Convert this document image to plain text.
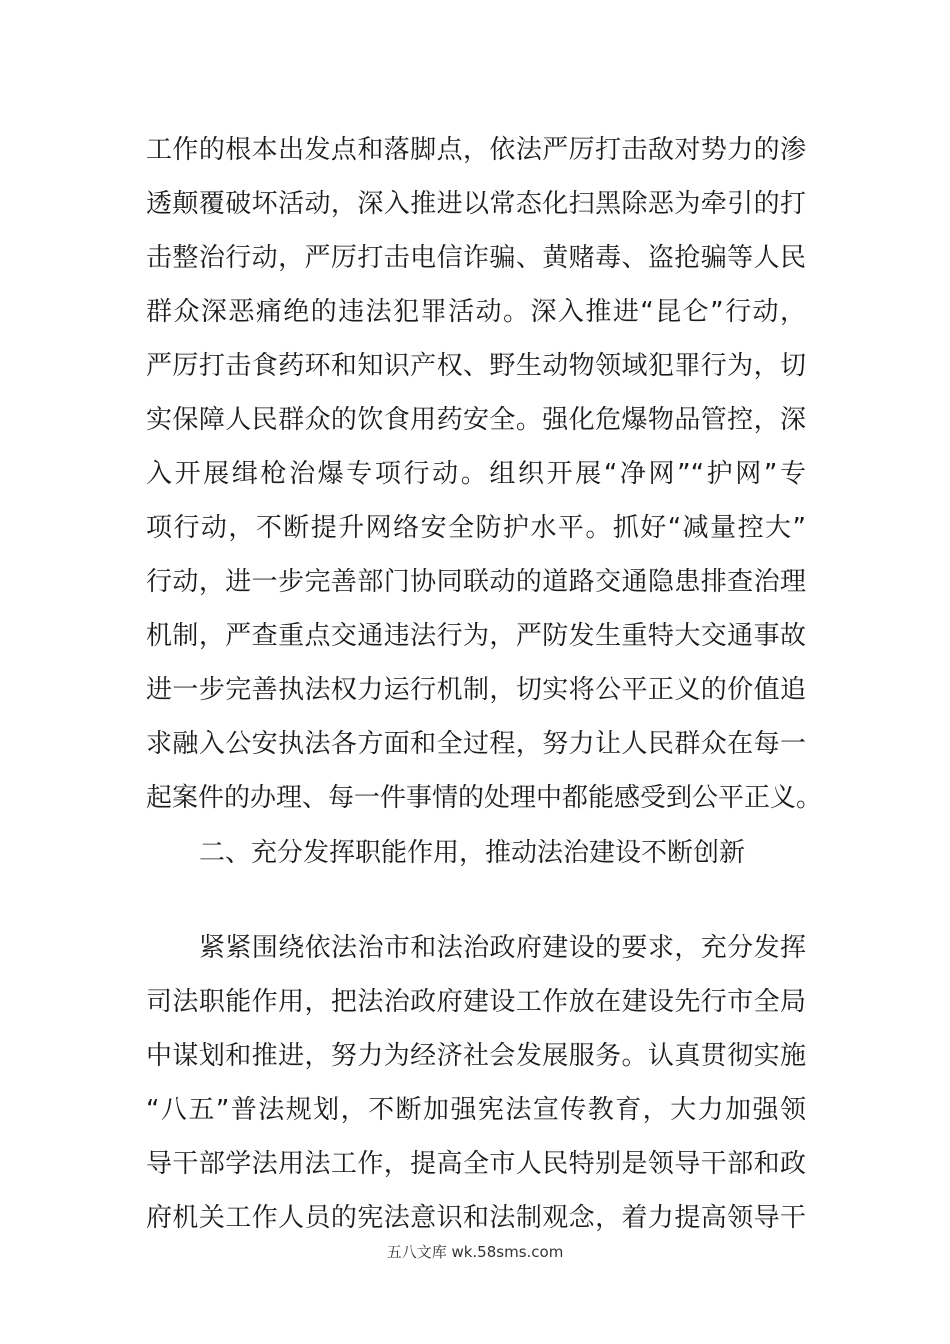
工作的根本出发点和落脚点，依法严厉打击敌对势力的渗
透颠覆破坏活动，深入推进以常态化扫黑除恶为牵引的打
击整治行动，严厉打击电信诈骗、黄赌毒、盗抢骗等人民
群众深恶痛绝的违法犯罪活动。深入推进“昆仑”行动，
严厉打击食药环和知识产权、野生动物领域犯罪行为，切
实保障人民群众的饮食用药安全。强化危爆物品管控，深
入开展缉枪治爆专项行动。组织开展“净网”“护网”专
项行动，不断提升网络安全防护水平。抓好“减量控大”
行动，进一步完善部门协同联动的道路交通隐患排查治理
机制，严查重点交通违法行为，严防发生重特大交通事故
进一步完善执法权力运行机制，切实将公平正义的价值追
求融入公安执法各方面和全过程，努力让人民群众在每一
起案件的办理、每一件事情的处理中都能感受到公平正义。
二、充分发挥职能作用，推动法治建设不断创新
紧紧围绕依法治市和法治政府建设的要求，充分发挥
司法职能作用，把法治政府建设工作放在建设先行市全局
中谋划和推进，努力为经济社会发展服务。认真贯彻实施
“八五”普法规划，不断加强宪法宣传教育，大力加强领
导干部学法用法工作，提高全市人民特别是领导干部和政
府机关工作人员的宪法意识和法制观念，着力提高领导干
五八文库 wk.58sms.com
